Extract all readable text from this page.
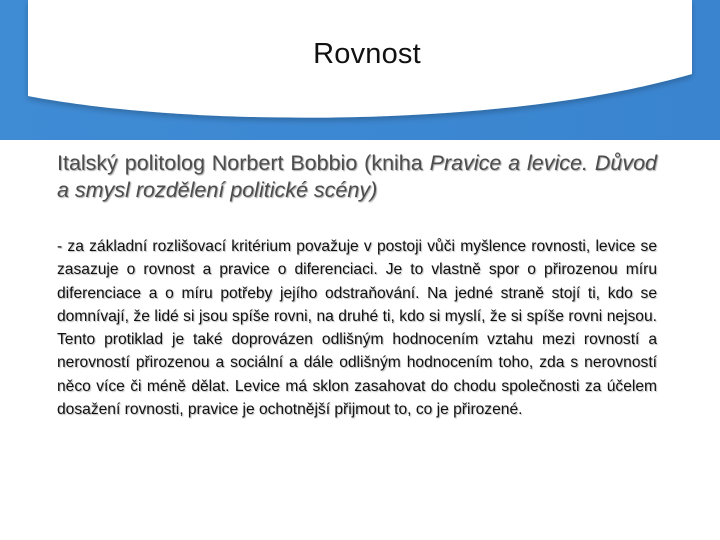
Rovnost
Italský politolog Norbert Bobbio (kniha Pravice a levice. Důvod a smysl rozdělení politické scény)
- za základní rozlišovací kritérium považuje v postoji vůči myšlence rovnosti, levice se zasazuje o rovnost a pravice o diferenciaci. Je to vlastně spor o přirozenou míru diferenciace a o míru potřeby jejího odstraňování. Na jedné straně stojí ti, kdo se domnívají, že lidé si jsou spíše rovni, na druhé ti, kdo si myslí, že si spíše rovni nejsou. Tento protiklad je také doprovázen odlišným hodnocením vztahu mezi rovností a nerovností přirozenou a sociální a dále odlišným hodnocením toho, zda s nerovností něco více či méně dělat. Levice má sklon zasahovat do chodu společnosti za účelem dosažení rovnosti, pravice je ochotnější přijmout to, co je přirozené.
